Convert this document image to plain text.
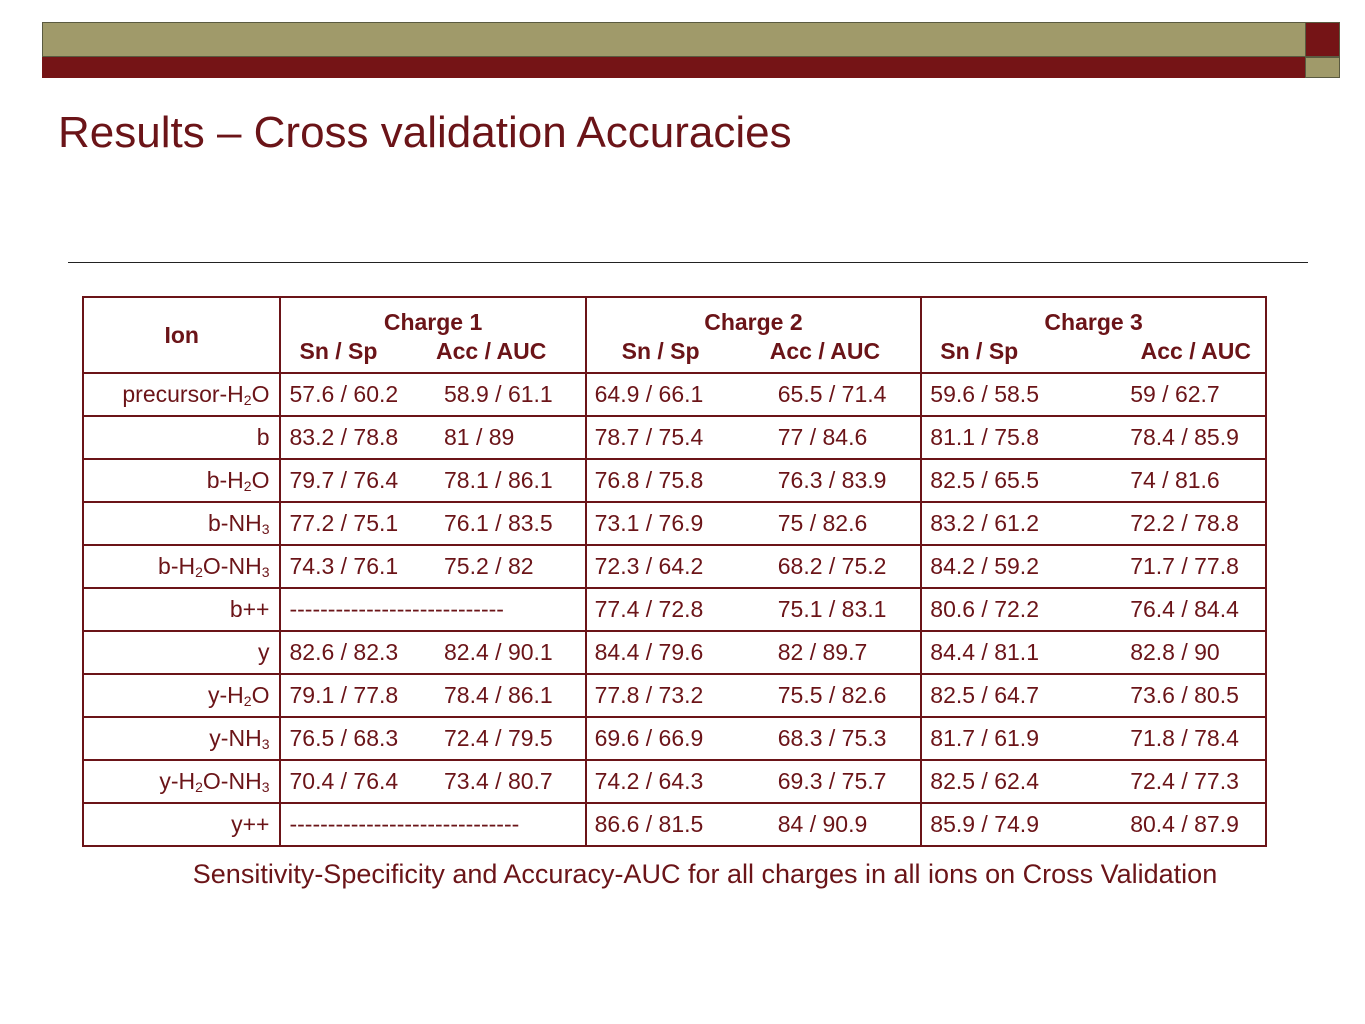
Results – Cross validation Accuracies
Ion	Charge 1		Charge 2		Charge 3	
	Sn / Sp	Acc / AUC	Sn / Sp	Acc / AUC	Sn / Sp	Acc / AUC
precursor-$H_2O$	57.6 / 60.2	58.9 / 61.1	64.9 / 66.1	65.5 / 71.4	59.6 / 58.5	59 / 62.7
b	83.2 / 78.8	81 / 89	78.7 / 75.4	77 / 84.6	81.1 / 75.8	78.4 / 85.9
$b-H_2O$	79.7 / 76.4	78.1 / 86.1	76.8 / 75.8	76.3 / 83.9	82.5 / 65.5	74 / 81.6
$b-NH_3$	77.2 / 75.1	76.1 / 83.5	73.1 / 76.9	75 / 82.6	83.2 / 61.2	72.2 / 78.8
$b-H_2O-NH_3$	74.3 / 76.1	75.2 / 82	72.3 / 64.2	68.2 / 75.2	84.2 / 59.2	71.7 / 77.8
b++	----------------------------		77.4 / 72.8	75.1 / 83.1	80.6 / 72.2	76.4 / 84.4
y	82.6 / 82.3	82.4 / 90.1	84.4 / 79.6	82 / 89.7	84.4 / 81.1	82.8 / 90
$y-H_2O$	79.1 / 77.8	78.4 / 86.1	77.8 / 73.2	75.5 / 82.6	82.5 / 64.7	73.6 / 80.5
$y-NH_3$	76.5 / 68.3	72.4 / 79.5	69.6 / 66.9	68.3 / 75.3	81.7 / 61.9	71.8 / 78.4
$y-H_2O-NH_3$	70.4 / 76.4	73.4 / 80.7	74.2 / 64.3	69.3 / 75.7	82.5 / 62.4	72.4 / 77.3
y++	------------------------------		86.6 / 81.5	84 / 90.9	85.9 / 74.9	80.4 / 87.9

Sensitivity-Specificity and Accuracy-AUC for all charges in all ions on Cross Validation
